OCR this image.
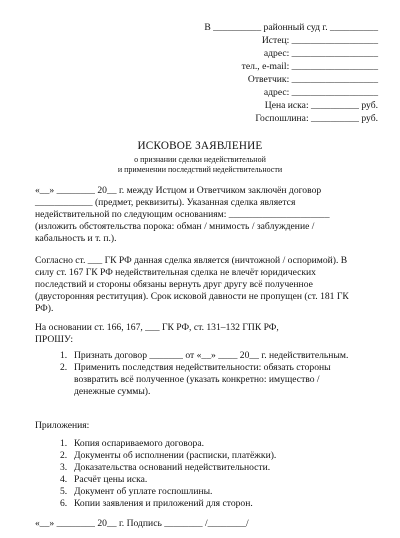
В __________ районный суд г. __________
Истец: __________________
адрес: __________________
тел., e-mail: __________________
Ответчик: __________________
адрес: __________________
Цена иска: __________ руб.
Госпошлина: __________ руб.
ИСКОВОЕ ЗАЯВЛЕНИЕ
о признании сделки недействительной
и применении последствий недействительности
«__» ________ 20__ г. между Истцом и Ответчиком заключён договор
____________ (предмет, реквизиты). Указанная сделка является
недействительной по следующим основаниям: _____________________
(изложить обстоятельства порока: обман / мнимость / заблуждение /
кабальность и т. п.).
Согласно ст. ___ ГК РФ данная сделка является (ничтожной / оспоримой). В
силу ст. 167 ГК РФ недействительная сделка не влечёт юридических
последствий и стороны обязаны вернуть друг другу всё полученное
(двусторонняя реституция). Срок исковой давности не пропущен (ст. 181 ГК
РФ).
На основании ст. 166, 167, ___ ГК РФ, ст. 131–132 ГПК РФ,
ПРОШУ:
1. Признать договор _______ от «__» ____ 20__ г. недействительным.
2. Применить последствия недействительности: обязать стороны
возвратить всё полученное (указать конкретно: имущество /
денежные суммы).
Приложения:
1. Копия оспариваемого договора.
2. Документы об исполнении (расписки, платёжки).
3. Доказательства оснований недействительности.
4. Расчёт цены иска.
5. Документ об уплате госпошлины.
6. Копии заявления и приложений для сторон.
«__» ________ 20__ г. Подпись ________ /________/
